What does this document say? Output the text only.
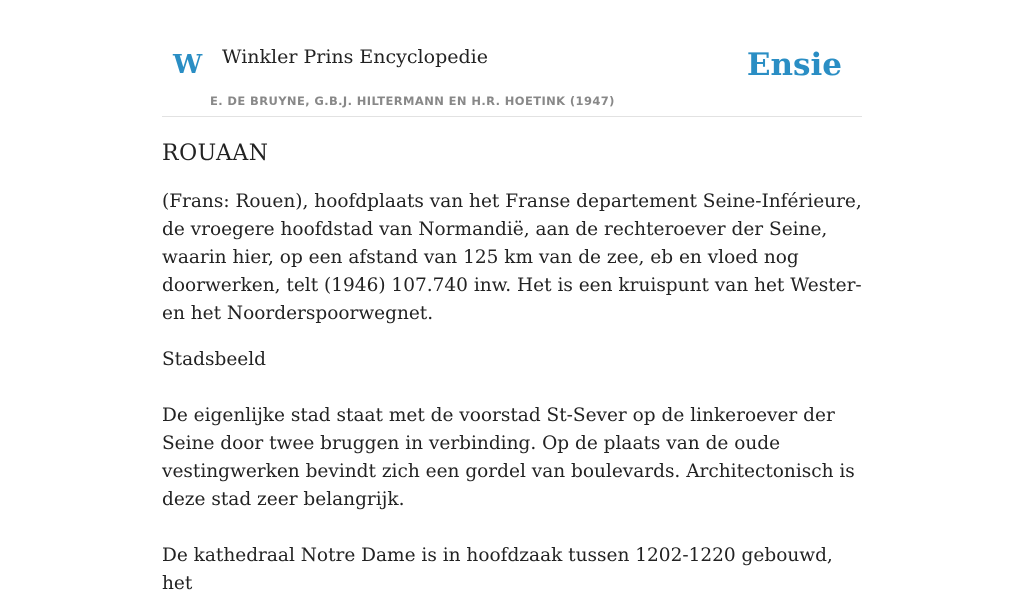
W Winkler Prins Encyclopedie
E. DE BRUYNE, G.B.J. HILTERMANN EN H.R. HOETINK (1947)
Ensie
ROUAAN

(Frans: Rouen), hoofdplaats van het Franse departement Seine-Inférieure, de vroegere hoofdstad van Normandië, aan de rechteroever der Seine, waarin hier, op een afstand van 125 km van de zee, eb en vloed nog doorwerken, telt (1946) 107.740 inw. Het is een kruispunt van het Wester- en het Noorderspoorwegnet.

Stadsbeeld

De eigenlijke stad staat met de voorstad St-Sever op de linkeroever der Seine door twee bruggen in verbinding. Op de plaats van de oude vestingwerken bevindt zich een gordel van boulevards. Architectonisch is deze stad zeer belangrijk.

De kathedraal Notre Dame is in hoofdzaak tussen 1202-1220 gebouwd, het
